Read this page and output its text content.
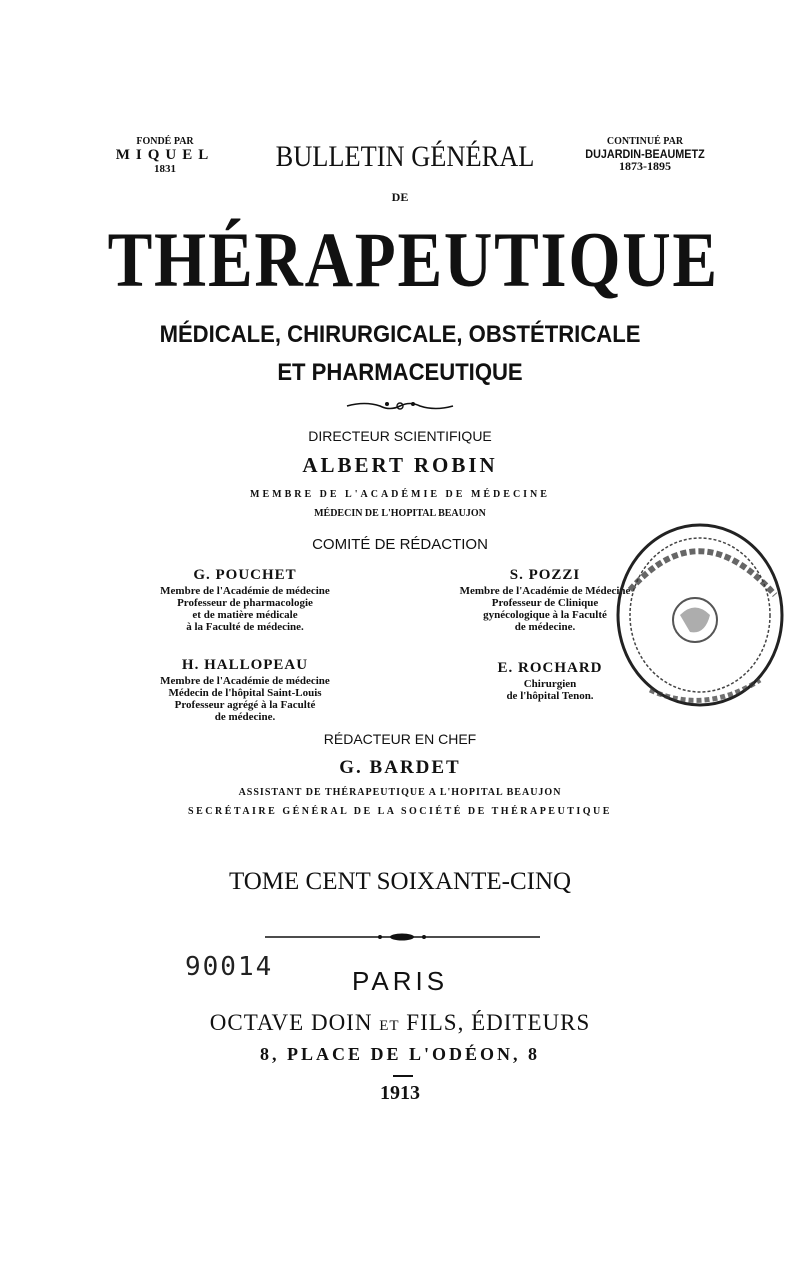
FONDÉ PAR
MIQUEL
1831	BULLETIN GÉNÉRAL	CONTINUÉ PAR
DUJARDIN-BEAUMETZ
1873-1895
DE
THÉRAPEUTIQUE
MÉDICALE, CHIRURGICALE, OBSTÉTRICALE
ET PHARMACEUTIQUE
DIRECTEUR SCIENTIFIQUE
ALBERT ROBIN
MEMBRE DE L'ACADÉMIE DE MÉDECINE
MÉDECIN DE L'HOPITAL BEAUJON
COMITÉ DE RÉDACTION
G. POUCHET
Membre de l'Académie de médecine
Professeur de pharmacologie
et de matière médicale
à la Faculté de médecine.
S. POZZI
Membre de l'Académie de Médecine
Professeur de Clinique
gynécologique à la Faculté
de médecine.
H. HALLOPEAU
Membre de l'Académie de médecine
Médecin de l'hôpital Saint-Louis
Professeur agrégé à la Faculté
de médecine.
E. ROCHARD
Chirurgien
de l'hôpital Tenon.
RÉDACTEUR EN CHEF
G. BARDET
ASSISTANT DE THÉRAPEUTIQUE A L'HOPITAL BEAUJON
SECRÉTAIRE GÉNÉRAL DE LA SOCIÉTÉ DE THÉRAPEUTIQUE
TOME CENT SOIXANTE-CINQ
90014	PARIS
OCTAVE DOIN ET FILS, ÉDITEURS
8, PLACE DE L'ODÉON, 8
1913
